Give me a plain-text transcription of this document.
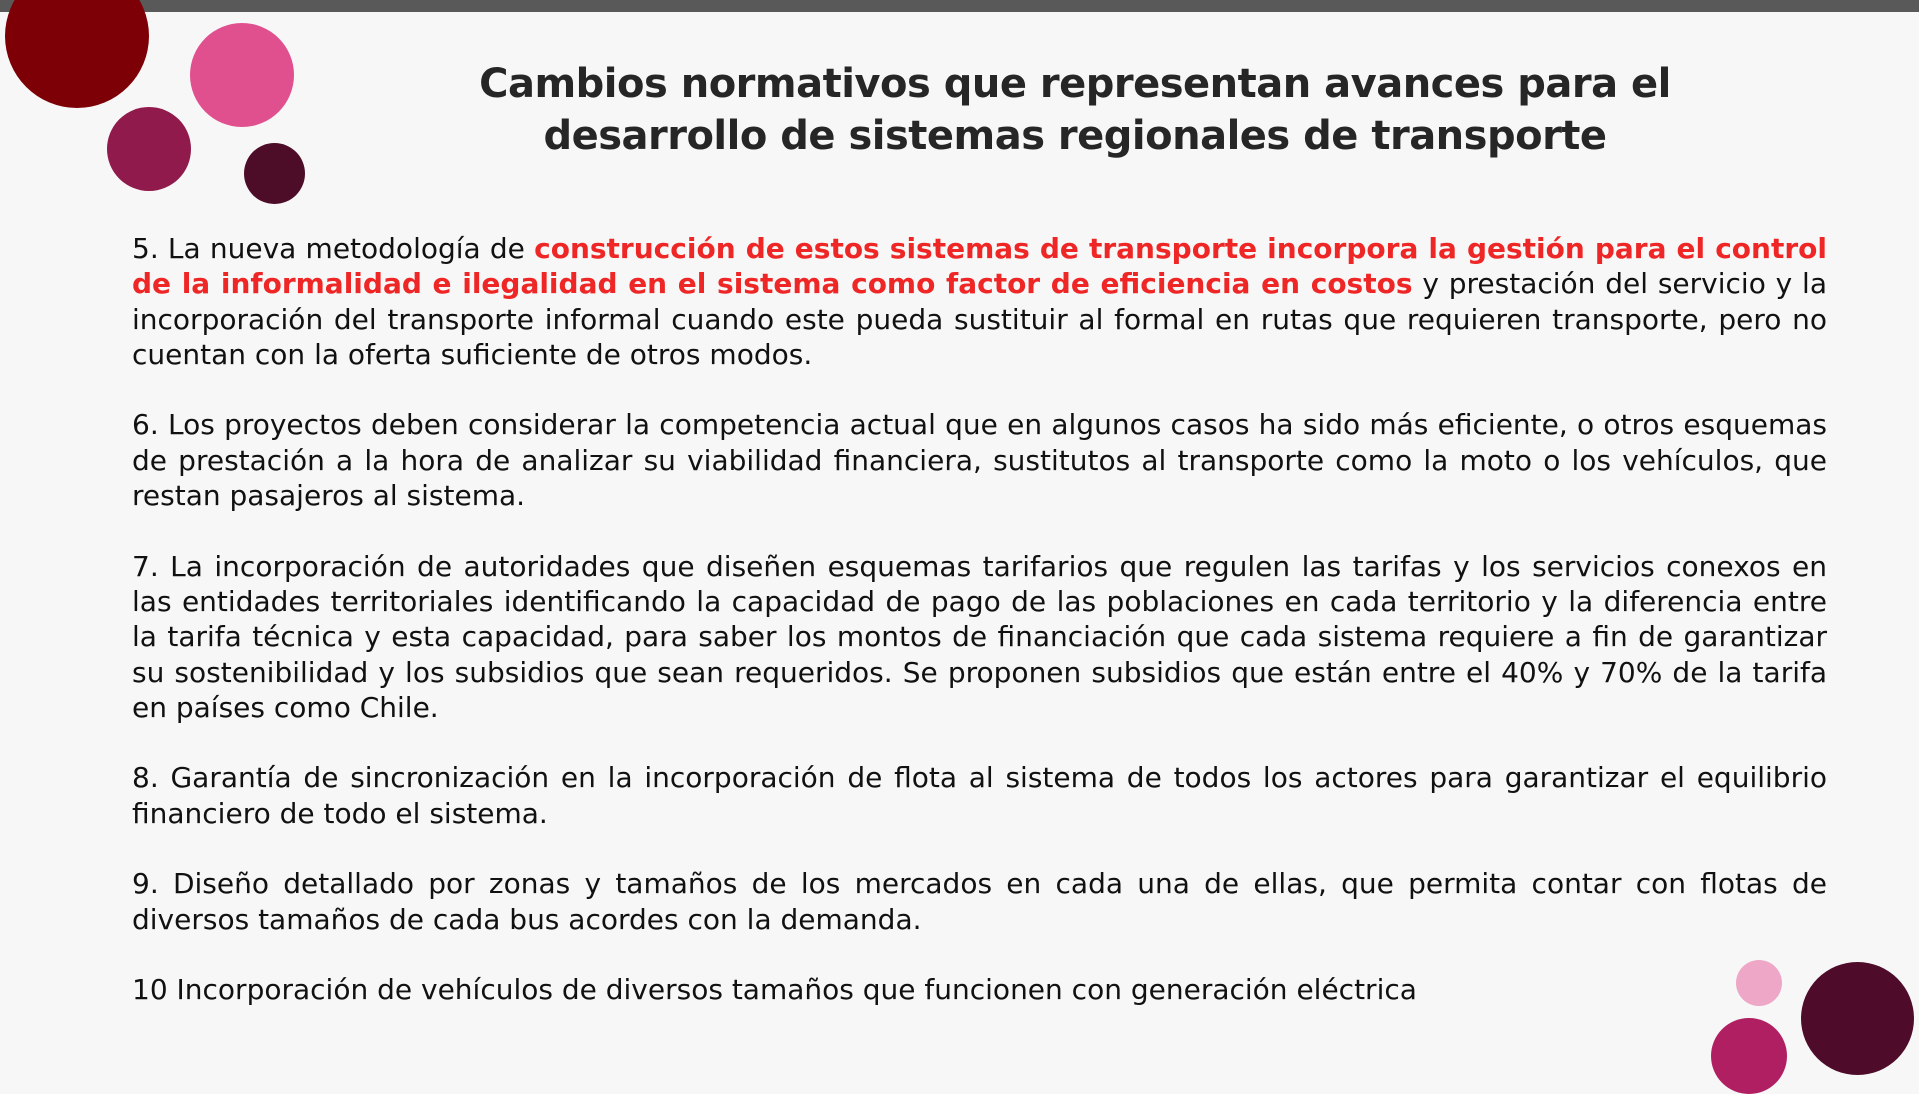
Cambios normativos que representan avances para el desarrollo de sistemas regionales de transporte

5. La nueva metodología de construcción de estos sistemas de transporte incorpora la gestión para el control de la informalidad e ilegalidad en el sistema como factor de eficiencia en costos y prestación del servicio y la incorporación del transporte informal cuando este pueda sustituir al formal en rutas que requieren transporte, pero no cuentan con la oferta suficiente de otros modos.

6. Los proyectos deben considerar la competencia actual que en algunos casos ha sido más eficiente, o otros esquemas de prestación a la hora de analizar su viabilidad financiera, sustitutos al transporte como la moto o los vehículos, que restan pasajeros al sistema.

7. La incorporación de autoridades que diseñen esquemas tarifarios que regulen las tarifas y los servicios conexos en las entidades territoriales identificando la capacidad de pago de las poblaciones en cada territorio y la diferencia entre la tarifa técnica y esta capacidad, para saber los montos de financiación que cada sistema requiere a fin de garantizar su sostenibilidad y los subsidios que sean requeridos. Se proponen subsidios que están entre el 40% y 70% de la tarifa en países como Chile.

8. Garantía de sincronización en la incorporación de flota al sistema de todos los actores para garantizar el equilibrio financiero de todo el sistema.

9. Diseño detallado por zonas y tamaños de los mercados en cada una de ellas, que permita contar con flotas de diversos tamaños de cada bus acordes con la demanda.

10 Incorporación de vehículos de diversos tamaños que funcionen con generación eléctrica
